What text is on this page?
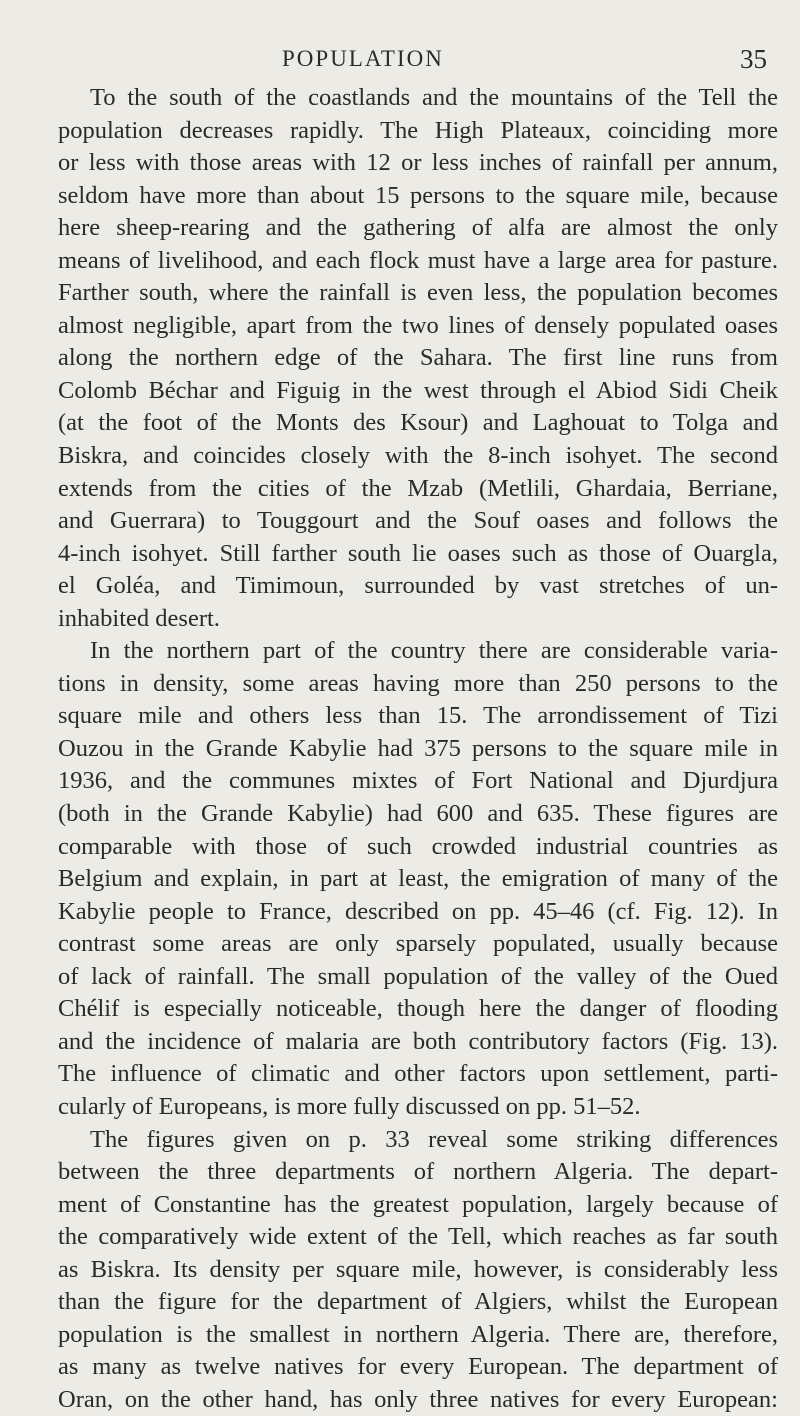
POPULATION	35
To the south of the coastlands and the mountains of the Tell the
population decreases rapidly. The High Plateaux, coinciding more
or less with those areas with 12 or less inches of rainfall per annum,
seldom have more than about 15 persons to the square mile, because
here sheep-rearing and the gathering of alfa are almost the only
means of livelihood, and each flock must have a large area for pasture.
Farther south, where the rainfall is even less, the population becomes
almost negligible, apart from the two lines of densely populated oases
along the northern edge of the Sahara. The first line runs from
Colomb Béchar and Figuig in the west through el Abiod Sidi Cheik
(at the foot of the Monts des Ksour) and Laghouat to Tolga and
Biskra, and coincides closely with the 8-inch isohyet. The second
extends from the cities of the Mzab (Metlili, Ghardaia, Berriane,
and Guerrara) to Touggourt and the Souf oases and follows the
4-inch isohyet. Still farther south lie oases such as those of Ouargla,
el Goléa, and Timimoun, surrounded by vast stretches of un-
inhabited desert.
In the northern part of the country there are considerable varia-
tions in density, some areas having more than 250 persons to the
square mile and others less than 15. The arrondissement of Tizi
Ouzou in the Grande Kabylie had 375 persons to the square mile in
1936, and the communes mixtes of Fort National and Djurdjura
(both in the Grande Kabylie) had 600 and 635. These figures are
comparable with those of such crowded industrial countries as
Belgium and explain, in part at least, the emigration of many of the
Kabylie people to France, described on pp. 45–46 (cf. Fig. 12). In
contrast some areas are only sparsely populated, usually because
of lack of rainfall. The small population of the valley of the Oued
Chélif is especially noticeable, though here the danger of flooding
and the incidence of malaria are both contributory factors (Fig. 13).
The influence of climatic and other factors upon settlement, parti-
cularly of Europeans, is more fully discussed on pp. 51–52.
The figures given on p. 33 reveal some striking differences
between the three departments of northern Algeria. The depart-
ment of Constantine has the greatest population, largely because of
the comparatively wide extent of the Tell, which reaches as far south
as Biskra. Its density per square mile, however, is considerably less
than the figure for the department of Algiers, whilst the European
population is the smallest in northern Algeria. There are, therefore,
as many as twelve natives for every European. The department of
Oran, on the other hand, has only three natives for every European:
